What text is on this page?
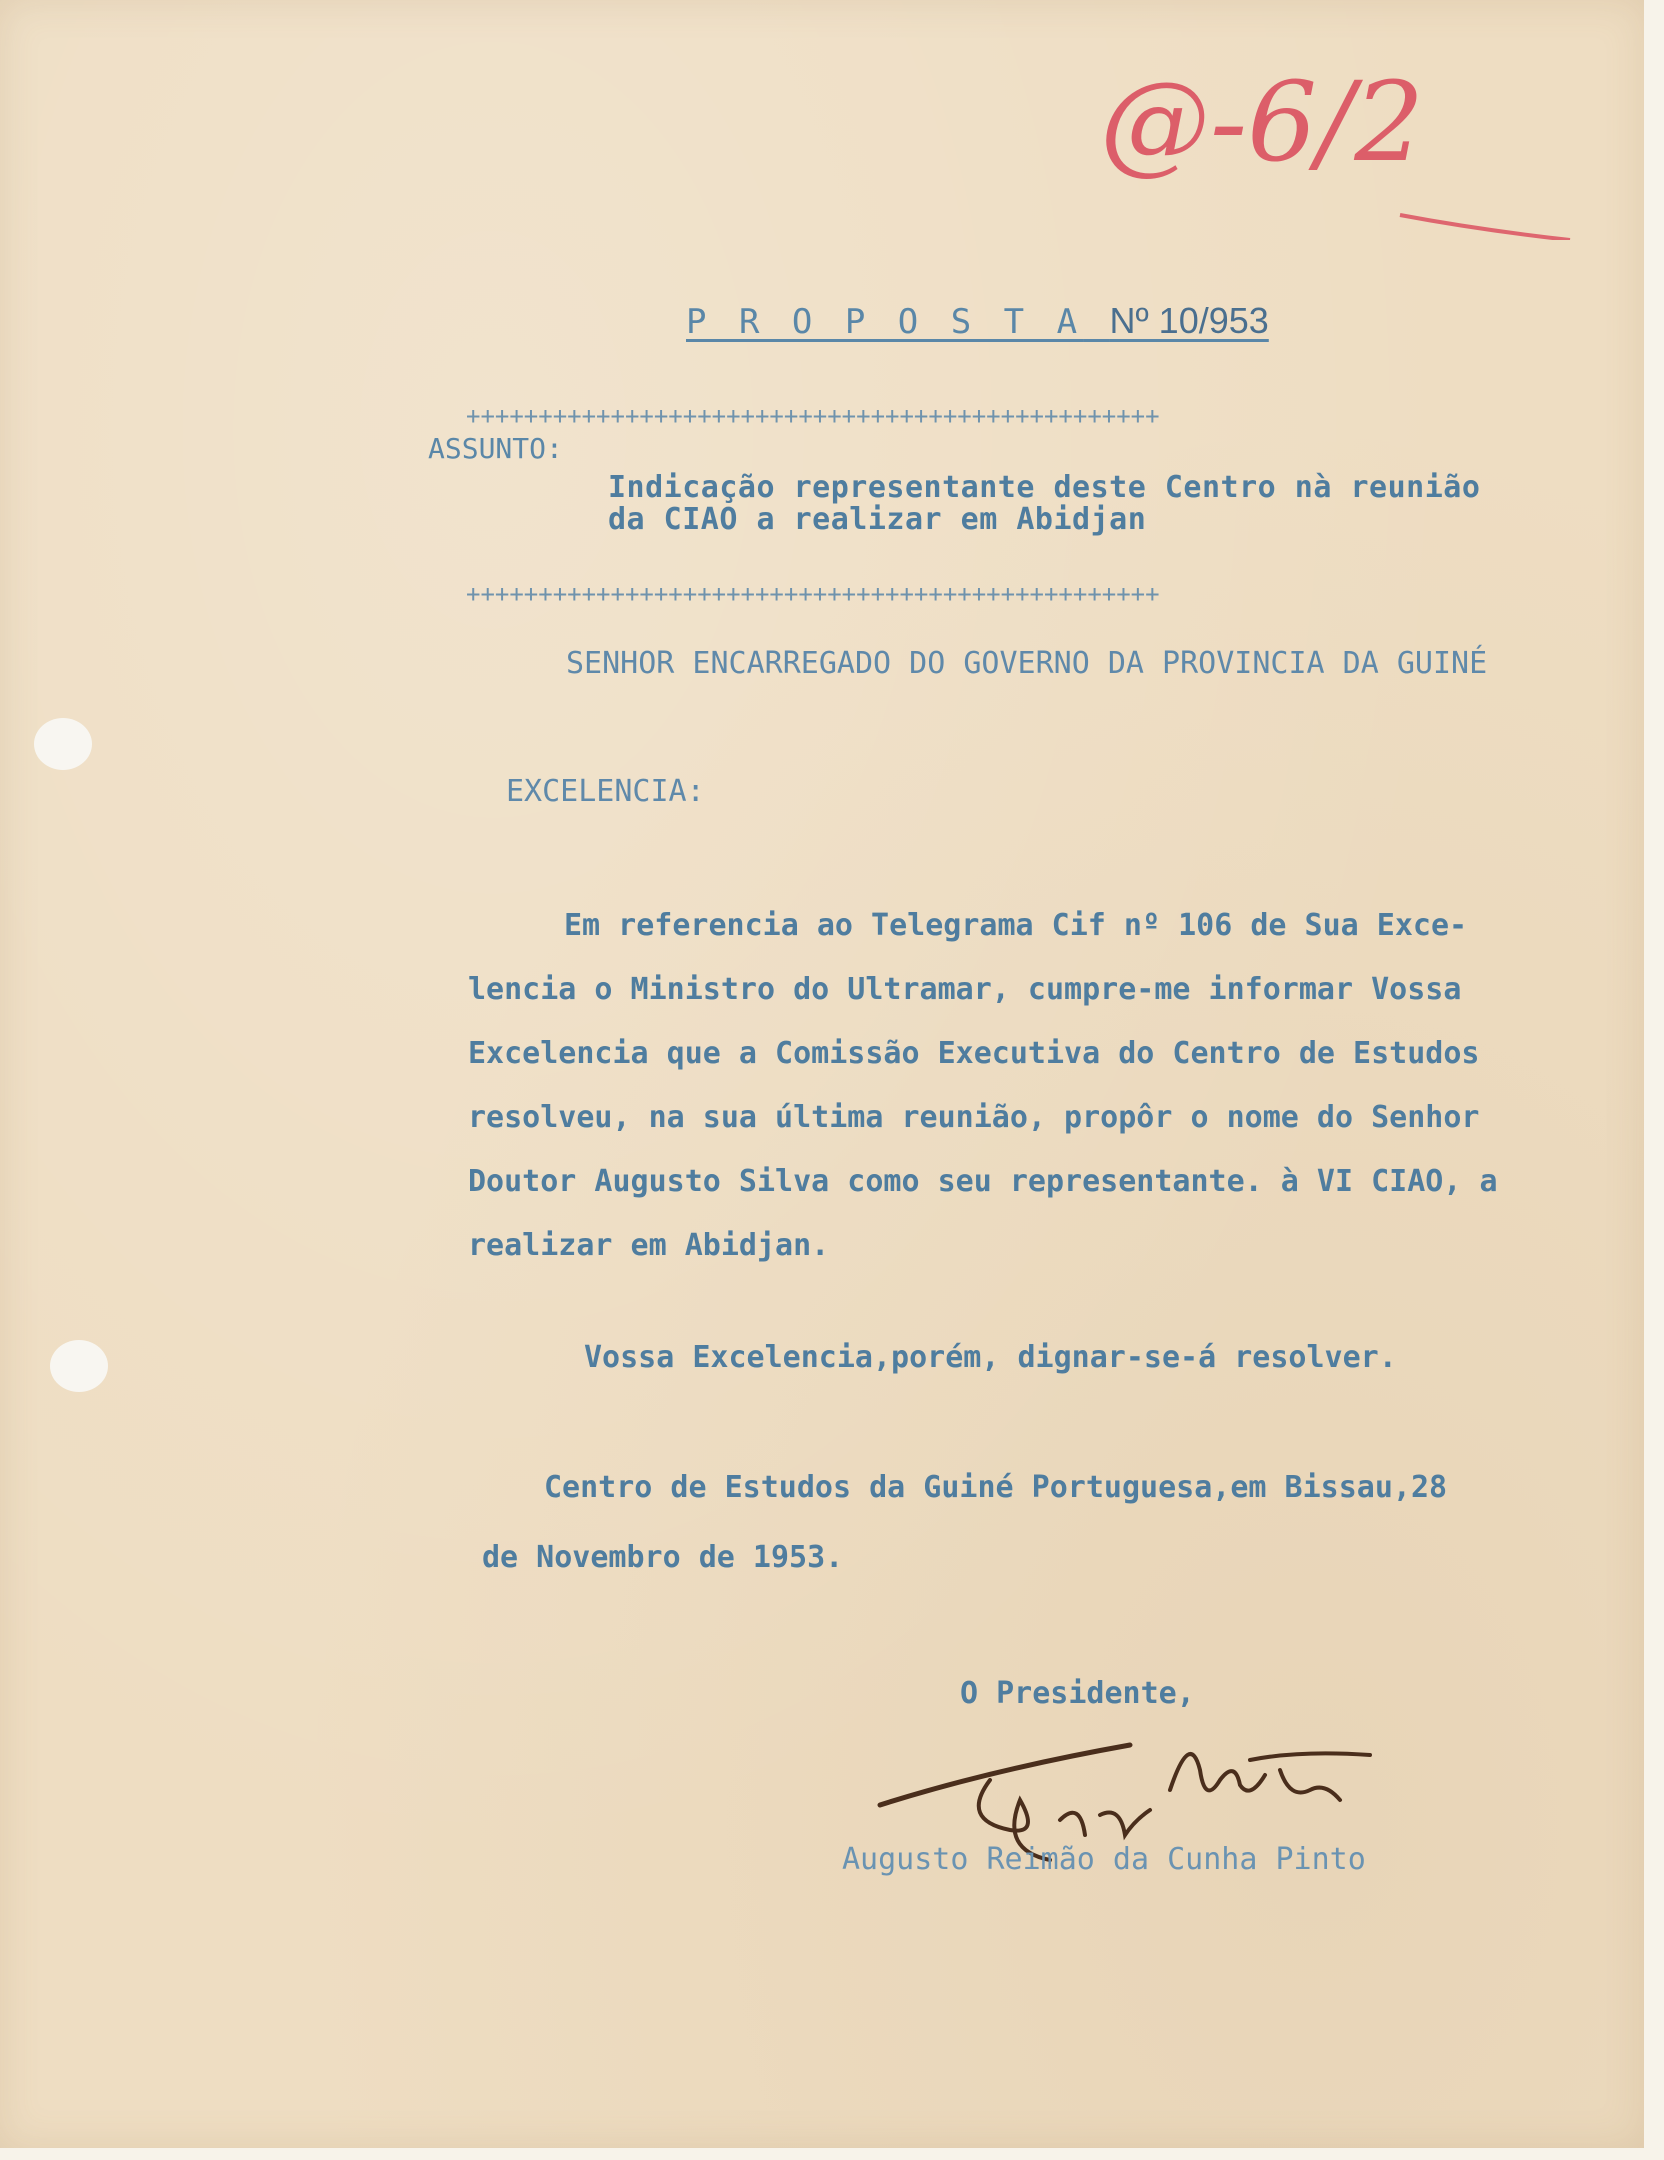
@-6/2
P R O P O S T A Nº 10/953
++++++++++++++++++++++++++++++++++++++++++++++++
ASSUNTO:
Indicação representante deste Centro nà reunião
da CIAO a realizar em Abidjan
++++++++++++++++++++++++++++++++++++++++++++++++
SENHOR ENCARREGADO DO GOVERNO DA PROVINCIA DA GUINÉ
EXCELENCIA:
Em referencia ao Telegrama Cif nº 106 de Sua Exce-
lencia o Ministro do Ultramar, cumpre-me informar Vossa
Excelencia que a Comissão Executiva do Centro de Estudos
resolveu, na sua última reunião, propôr o nome do Senhor
Doutor Augusto Silva como seu representante. à VI CIAO, a
realizar em Abidjan.
Vossa Excelencia,porém, dignar-se-á resolver.
Centro de Estudos da Guiné Portuguesa,em Bissau,28
de Novembro de 1953.
O Presidente,
Augusto Reimão da Cunha Pinto
